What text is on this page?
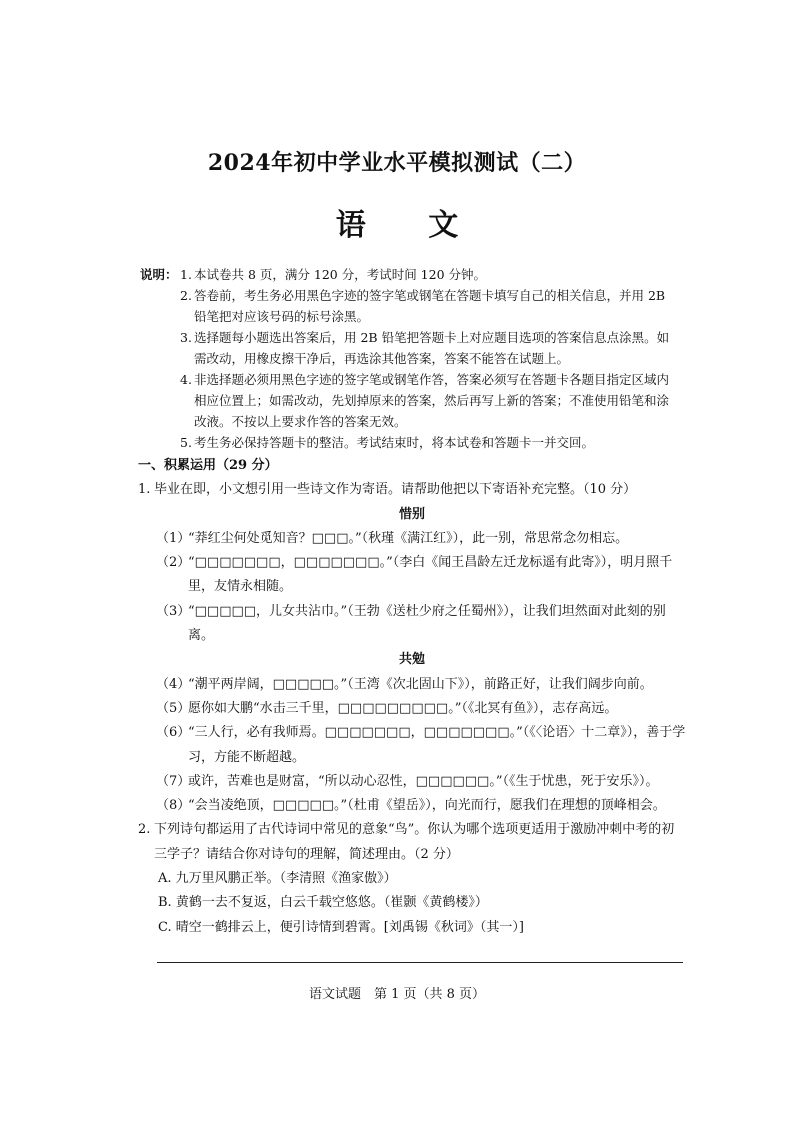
2024年初中学业水平模拟测试（二）
语 文
说明： 1. 本试卷共 8 页，满分 120 分，考试时间 120 分钟。
2. 答卷前，考生务必用黑色字迹的签字笔或钢笔在答题卡填写自己的相关信息，并用 2B 铅笔把对应该号码的标号涂黑。
3. 选择题每小题选出答案后，用 2B 铅笔把答题卡上对应题目选项的答案信息点涂黑。如需改动，用橡皮擦干净后，再选涂其他答案，答案不能答在试题上。
4. 非选择题必须用黑色字迹的签字笔或钢笔作答，答案必须写在答题卡各题目指定区域内相应位置上；如需改动，先划掉原来的答案，然后再写上新的答案；不准使用铅笔和涂改液。不按以上要求作答的答案无效。
5. 考生务必保持答题卡的整洁。考试结束时，将本试卷和答题卡一并交回。
一、积累运用（29 分）
1. 毕业在即，小文想引用一些诗文作为寄语。请帮助他把以下寄语补充完整。（10 分）
惜别
（1）
“莽红尘何处觅知音？□□□。”（秋瑾《满江红》），此一别，常思常念勿相忘。
（2）
“□□□□□□□，□□□□□□□。”（李白《闻王昌龄左迁龙标遥有此寄》），明月照千里，友情永相随。
（3）
“□□□□□，儿女共沾巾。”（王勃《送杜少府之任蜀州》），让我们坦然面对此刻的别离。
共勉
（4）
“潮平两岸阔，□□□□□。”（王湾《次北固山下》），前路正好，让我们阔步向前。
（5）
愿你如大鹏“水击三千里，□□□□□□□□□。”（《北冥有鱼》），志存高远。
（6）
“三人行，必有我师焉。□□□□□□□，□□□□□□□。”（《〈论语〉十二章》），善于学习，方能不断超越。
（7）
或许，苦难也是财富，“所以动心忍性，□□□□□□。”（《生于忧患，死于安乐》）。
（8）
“会当凌绝顶，□□□□□。”（杜甫《望岳》），向光而行，愿我们在理想的顶峰相会。
2. 下列诗句都运用了古代诗词中常见的意象“鸟”。你认为哪个选项更适用于激励冲刺中考的初三学子？请结合你对诗句的理解，简述理由。（2 分）
A. 九万里风鹏正举。（李清照《渔家傲》）
B. 黄鹤一去不复返，白云千载空悠悠。（崔颢《黄鹤楼》）
C. 晴空一鹤排云上，便引诗情到碧霄。[刘禹锡《秋词》（其一）]
语文试题　第 1 页（共 8 页）
